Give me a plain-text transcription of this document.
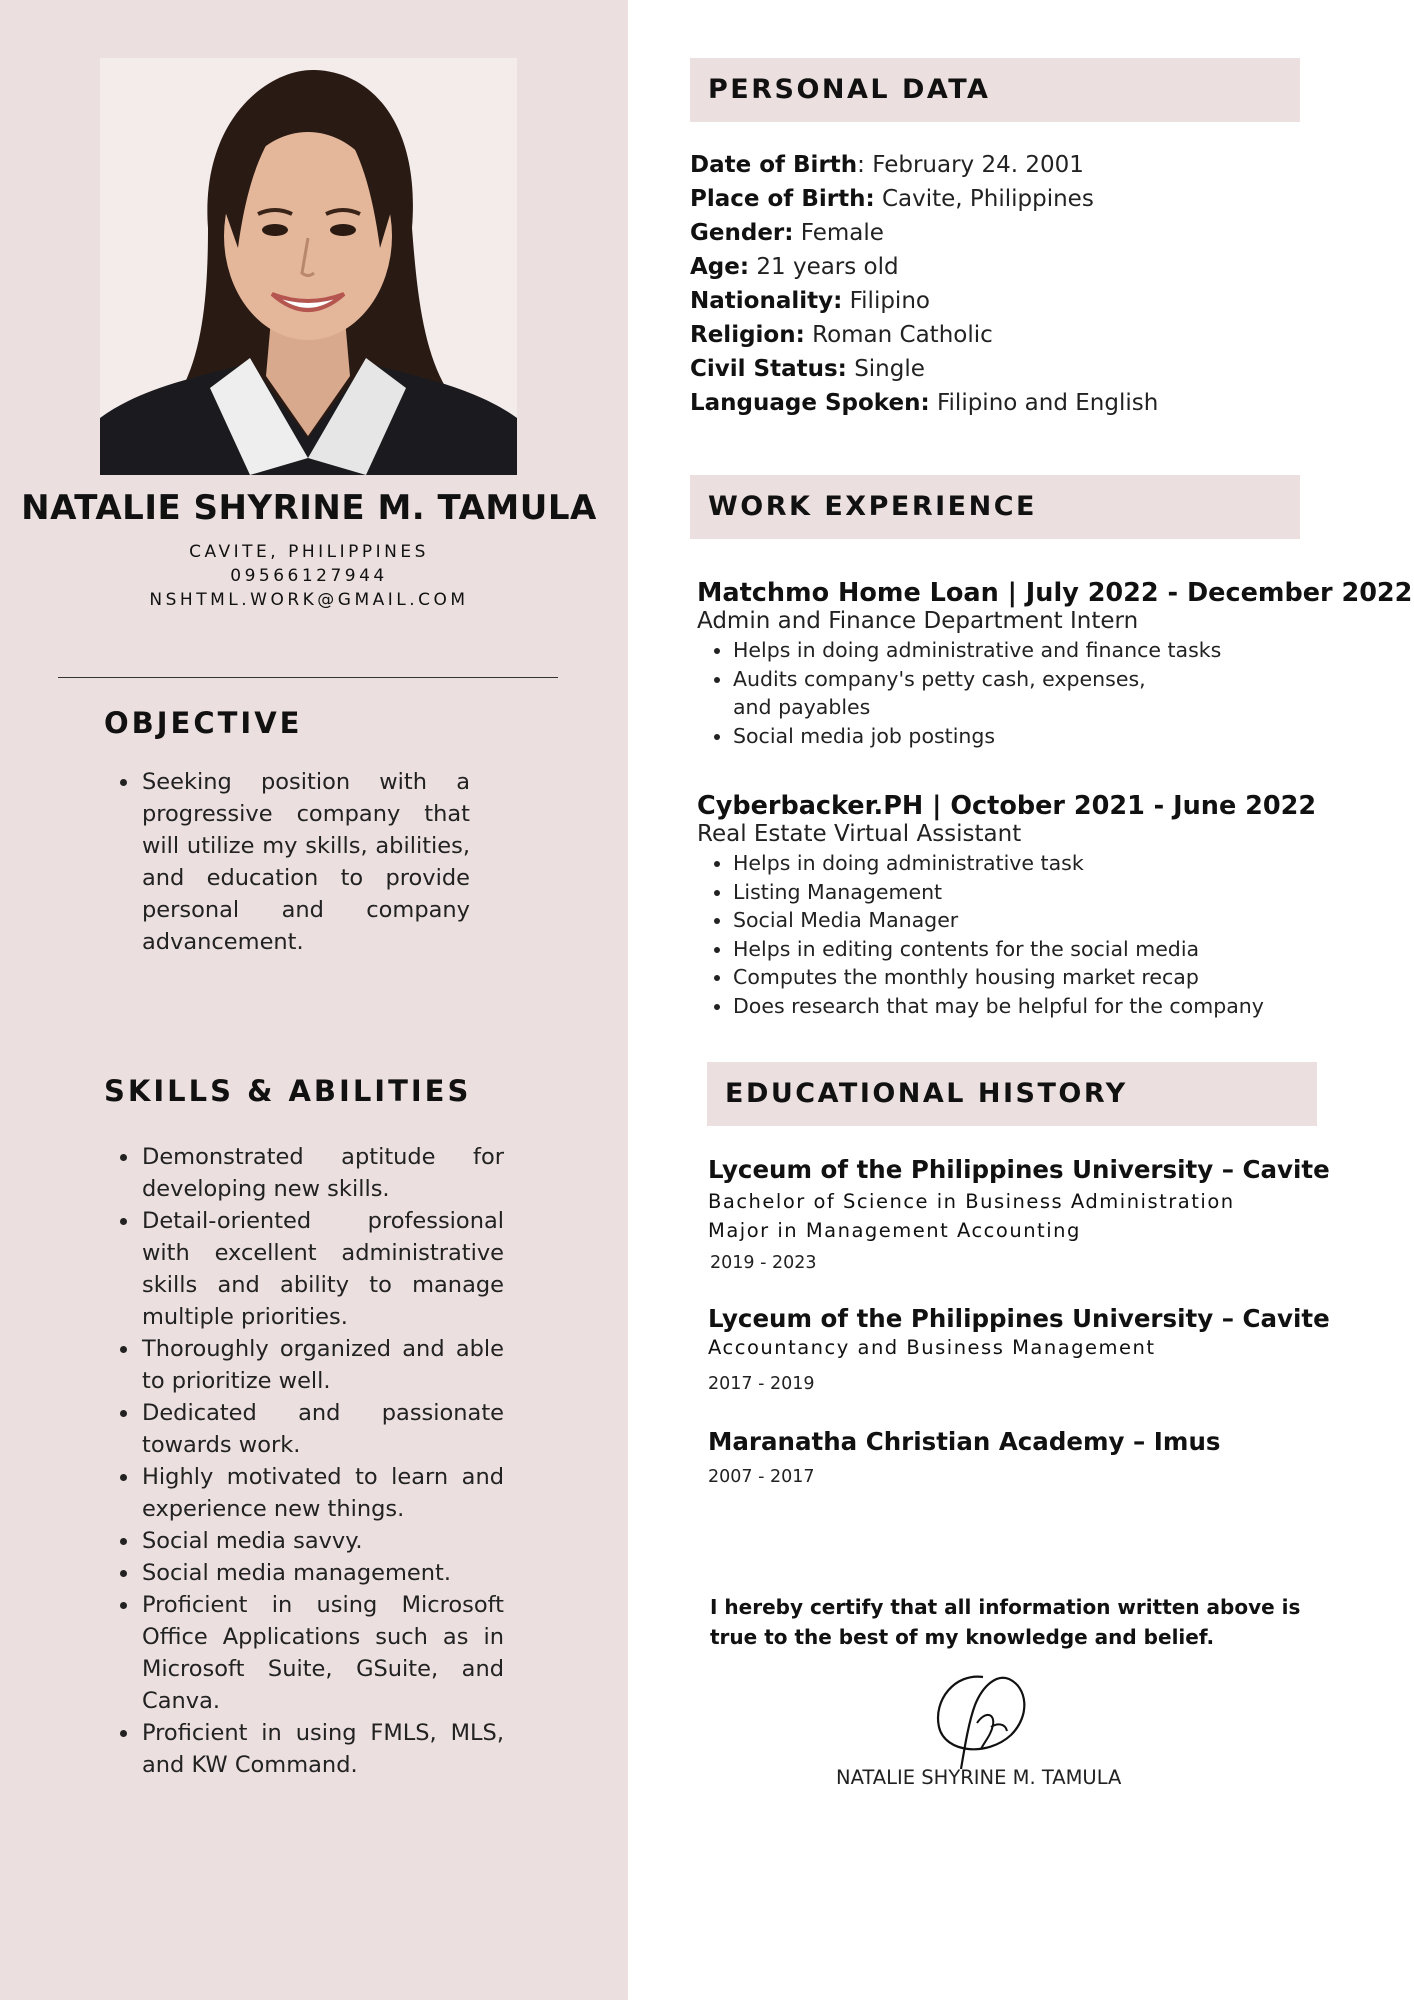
NATALIE SHYRINE M. TAMULA
CAVITE, PHILIPPINES
09566127944
NSHTML.WORK@GMAIL.COM
OBJECTIVE
• Seeking position with a progressive company that will utilize my skills, abilities, and education to provide personal and company advancement.
SKILLS & ABILITIES
• Demonstrated aptitude for developing new skills.
• Detail-oriented professional with excellent administrative skills and ability to manage multiple priorities.
• Thoroughly organized and able to prioritize well.
• Dedicated and passionate towards work.
• Highly motivated to learn and experience new things.
• Social media savvy.
• Social media management.
• Proficient in using Microsoft Office Applications such as in Microsoft Suite, GSuite, and Canva.
• Proficient in using FMLS, MLS, and KW Command.
PERSONAL DATA
Date of Birth: February 24. 2001
Place of Birth: Cavite, Philippines
Gender: Female
Age: 21 years old
Nationality: Filipino
Religion: Roman Catholic
Civil Status: Single
Language Spoken: Filipino and English
WORK EXPERIENCE
Matchmo Home Loan | July 2022 - December 2022
Admin and Finance Department Intern
• Helps in doing administrative and finance tasks
• Audits company's petty cash, expenses, and payables
• Social media job postings
Cyberbacker.PH | October 2021 - June 2022
Real Estate Virtual Assistant
• Helps in doing administrative task
• Listing Management
• Social Media Manager
• Helps in editing contents for the social media
• Computes the monthly housing market recap
• Does research that may be helpful for the company
EDUCATIONAL HISTORY
Lyceum of the Philippines University – Cavite
Bachelor of Science in Business Administration
Major in Management Accounting
2019 - 2023
Lyceum of the Philippines University – Cavite
Accountancy and Business Management
2017 - 2019
Maranatha Christian Academy – Imus
2007 - 2017
I hereby certify that all information written above is
true to the best of my knowledge and belief.
NATALIE SHYRINE M. TAMULA
